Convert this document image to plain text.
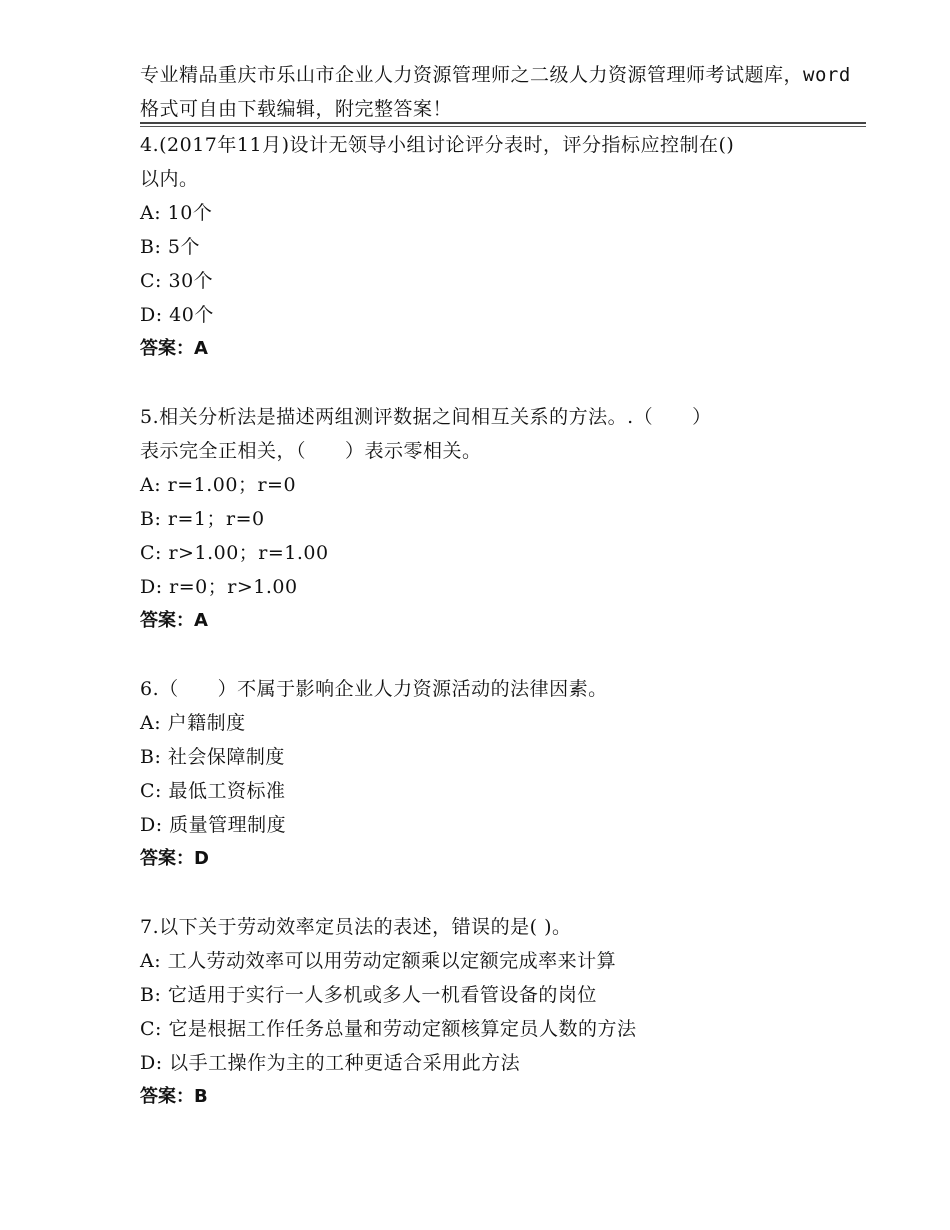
专业精品重庆市乐山市企业人力资源管理师之二级人力资源管理师考试题库，word
格式可自由下载编辑，附完整答案！
4.(2017年11月)设计无领导小组讨论评分表时，评分指标应控制在()
以内。
A: 10个
B: 5个
C: 30个
D: 40个
答案：A
5.相关分析法是描述两组测评数据之间相互关系的方法。.（　　）
表示完全正相关，（　　）表示零相关。
A: r=1.00；r=0
B: r=1；r=0
C: r>1.00；r=1.00
D: r=0；r>1.00
答案：A
6.（　　）不属于影响企业人力资源活动的法律因素。
A: 户籍制度
B: 社会保障制度
C: 最低工资标准
D: 质量管理制度
答案：D
7.以下关于劳动效率定员法的表述，错误的是( )。
A: 工人劳动效率可以用劳动定额乘以定额完成率来计算
B: 它适用于实行一人多机或多人一机看管设备的岗位
C: 它是根据工作任务总量和劳动定额核算定员人数的方法
D: 以手工操作为主的工种更适合采用此方法
答案：B
